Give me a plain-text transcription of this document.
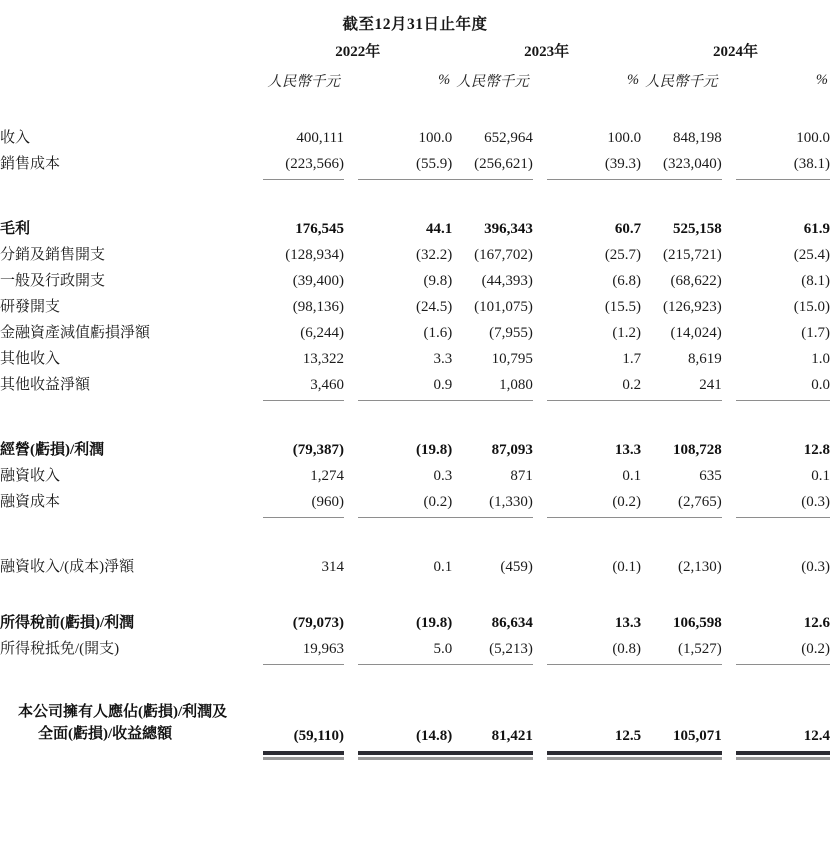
截至12月31日止年度
	2022年			2023年			2024年		
	人民幣千元		%	人民幣千元		%	人民幣千元		%

收入	400,111		100.0	652,964		100.0	848,198		100.0
銷售成本	(223,566)		(55.9)	(256,621)		(39.3)	(323,040)		(38.1)

毛利	176,545		44.1	396,343		60.7	525,158		61.9
分銷及銷售開支	(128,934)		(32.2)	(167,702)		(25.7)	(215,721)		(25.4)
一般及行政開支	(39,400)		(9.8)	(44,393)		(6.8)	(68,622)		(8.1)
研發開支	(98,136)		(24.5)	(101,075)		(15.5)	(126,923)		(15.0)
金融資產減值虧損淨額	(6,244)		(1.6)	(7,955)		(1.2)	(14,024)		(1.7)
其他收入	13,322		3.3	10,795		1.7	8,619		1.0
其他收益淨額	3,460		0.9	1,080		0.2	241		0.0

經營(虧損)/利潤	(79,387)		(19.8)	87,093		13.3	108,728		12.8
融資收入	1,274		0.3	871		0.1	635		0.1
融資成本	(960)		(0.2)	(1,330)		(0.2)	(2,765)		(0.3)

融資收入/(成本)淨額	314		0.1	(459)		(0.1)	(2,130)		(0.3)

所得稅前(虧損)/利潤	(79,073)		(19.8)	86,634		13.3	106,598		12.6
所得稅抵免/(開支)	19,963		5.0	(5,213)		(0.8)	(1,527)		(0.2)

本公司擁有人應佔(虧損)/利潤及
全面(虧損)/收益總額	(59,110)		(14.8)	81,421		12.5	105,071		12.4
